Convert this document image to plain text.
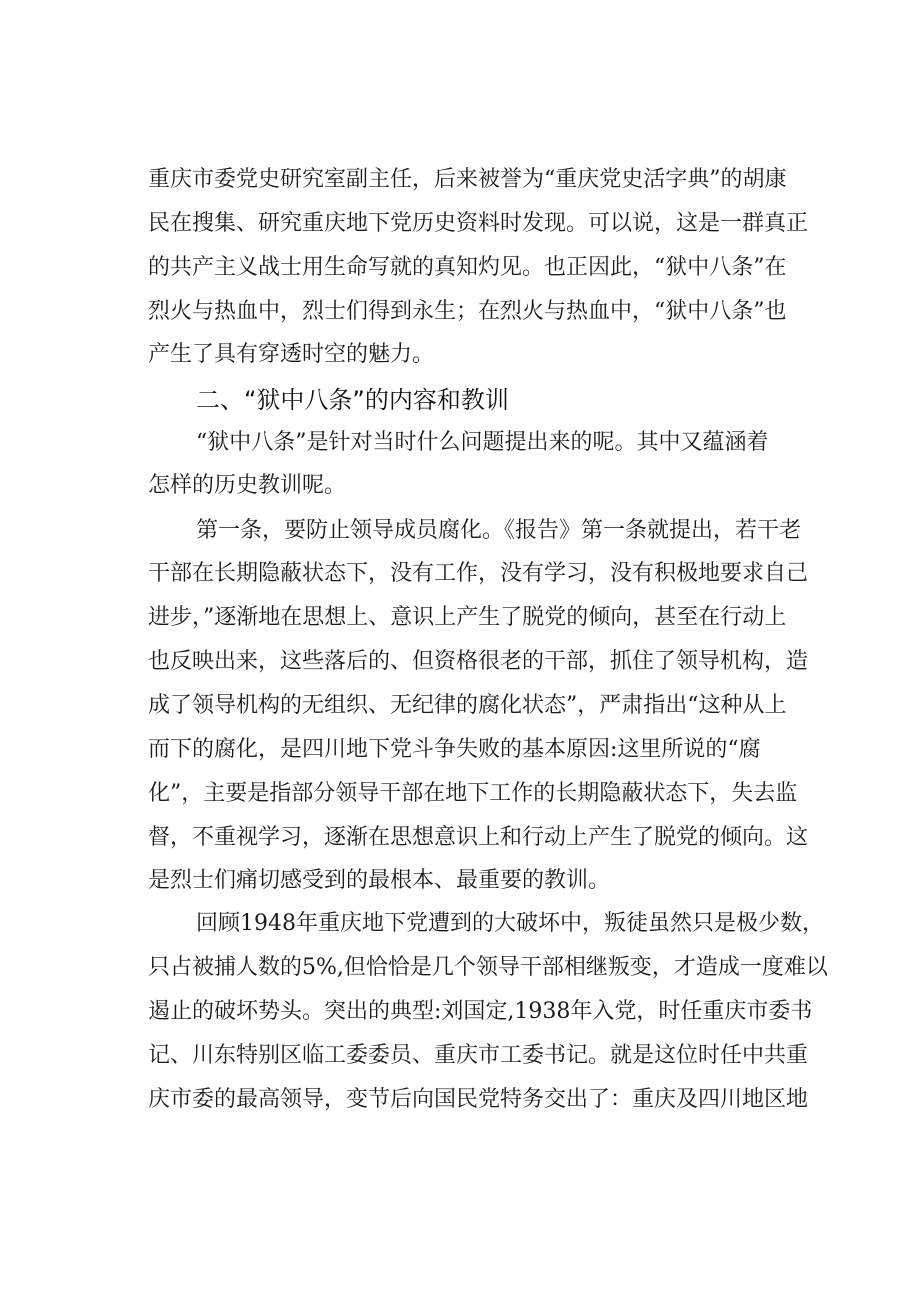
重庆市委党史研究室副主任，后来被誉为“重庆党史活字典”的胡康
民在搜集、研究重庆地下党历史资料时发现。可以说，这是一群真正
的共产主义战士用生命写就的真知灼见。也正因此，“狱中八条”在
烈火与热血中，烈士们得到永生；在烈火与热血中，“狱中八条”也
产生了具有穿透时空的魅力。
二、“狱中八条”的内容和教训
“狱中八条”是针对当时什么问题提出来的呢。其中又蕴涵着
怎样的历史教训呢。
第一条，要防止领导成员腐化。《报告》第一条就提出，若干老
干部在长期隐蔽状态下，没有工作，没有学习，没有积极地要求自己
进步，”逐渐地在思想上、意识上产生了脱党的倾向，甚至在行动上
也反映出来，这些落后的、但资格很老的干部，抓住了领导机构，造
成了领导机构的无组织、无纪律的腐化状态”，严肃指出“这种从上
而下的腐化，是四川地下党斗争失败的基本原因:这里所说的“腐
化”，主要是指部分领导干部在地下工作的长期隐蔽状态下，失去监
督，不重视学习，逐渐在思想意识上和行动上产生了脱党的倾向。这
是烈士们痛切感受到的最根本、最重要的教训。
回顾1948年重庆地下党遭到的大破坏中，叛徒虽然只是极少数，
只占被捕人数的5%,但恰恰是几个领导干部相继叛变，才造成一度难以
遏止的破坏势头。突出的典型:刘国定,1938年入党，时任重庆市委书
记、川东特别区临工委委员、重庆市工委书记。就是这位时任中共重
庆市委的最高领导，变节后向国民党特务交出了：重庆及四川地区地
